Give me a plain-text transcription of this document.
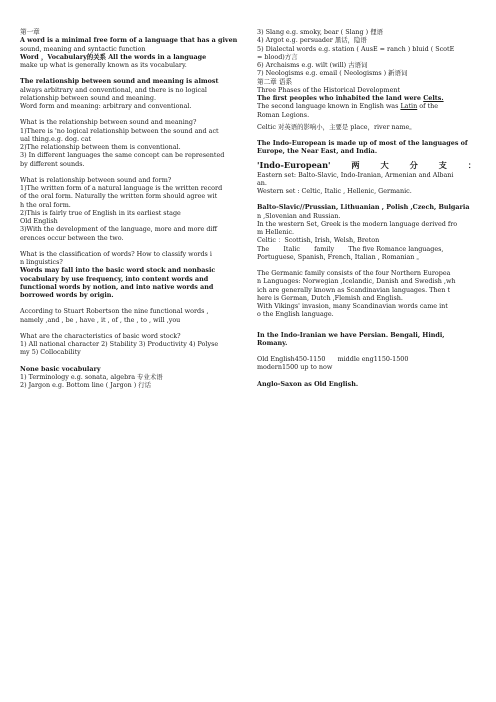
第一章

A word is a minimal free form of a language that has a given

sound, meaning and syntactic function

Word ，Vocabulary的关系 All the words in a language

make up what is generally known as its vocabulary.

The relationship between sound and meaning is almost

always arbitrary and conventional, and there is no logical

relationship between sound and meaning.

Word form and meaning: arbitrary and conventional.

What is the relationship between sound and meaning?

1)There is 'no logical relationship between the sound and act

ual thing.e.g. dog. cat

2)The relationship between them is conventional.

3) In different languages the same concept can be represented

by different sounds.

What is relationship between sound and form?

1)The written form of a natural language is the written record

of the oral form. Naturally the written form should agree wit

h the oral form.

2)This is fairly true of English in its earliest stage

Old English

3)With the development of the language, more and more diff

erences occur between the two.

What is the classification of words? How to classify words i

n linguistics?

Words may fall into the basic word stock and nonbasic

vocabulary by use frequency, into content words and

functional words by notion, and into native words and

borrowed words by origin.

According to Stuart Robertson the nine functional words ,

namely ,and , be , have , it , of , the , to , will ,you

What are the characteristics of basic word stock?

1) All national character 2) Stability 3) Productivity 4) Polyse

my 5) Collocability

None basic vocabulary

1) Terminology e.g. sonata, algebra 专业术语

2) Jargon e.g. Bottom line ( Jargon ) 行话

3) Slang e.g. smoky, bear ( Slang ) 俚语

4) Argot e.g. persuader 黑话，隐语

5) Dialectal words e.g. station ( AusE = ranch ) bluid ( ScotE

= blood)方言

6) Archaisms e.g. wilt (will) 古语词

7) Neologisms e.g. email ( Neologisms ) 新语词

第二章 语系

Three Phases of the Historical Development

The first peoples who inhabited the land were Celts.

The second language known in English was Latin of the

Roman Legions.

Celtic 对英语的影响小，主要是 place，river name。

The Indo-European is made up of most of the languages of

Europe, the Near East, and India.

'Indo-European'	两	大	分	支	：

Eastern set: Balto-Slavic, Indo-Iranian, Armenian and Albani

an.

Western set : Celtic, Italic , Hellenic, Germanic.

Balto-Slavic//Prussian, Lithuanian , Polish ,Czech, Bulgaria

n ,Slovenian and Russian.

In the western Set, Greek is the modern language derived fro

m Hellenic.

Celtic ：Scottish, Irish, Welsh, Breton

The       Italic       family       The five Romance languages,

Portuguese, Spanish, French, Italian , Romanian 。

The Germanic family consists of the four Northern Europea

n Languages: Norwegian ,Icelandic, Danish and Swedish ,wh

ich are generally known as Scandinavian languages. Then t

here is German, Dutch ,Flemish and English.

With Vikings' invasion, many Scandinavian words came int

o the English language.

In the Indo-Iranian we have Persian. Bengali, Hindi,

Romany.

Old English450-1150      middle eng1150-1500

modern1500 up to now

Anglo-Saxon as Old English.
